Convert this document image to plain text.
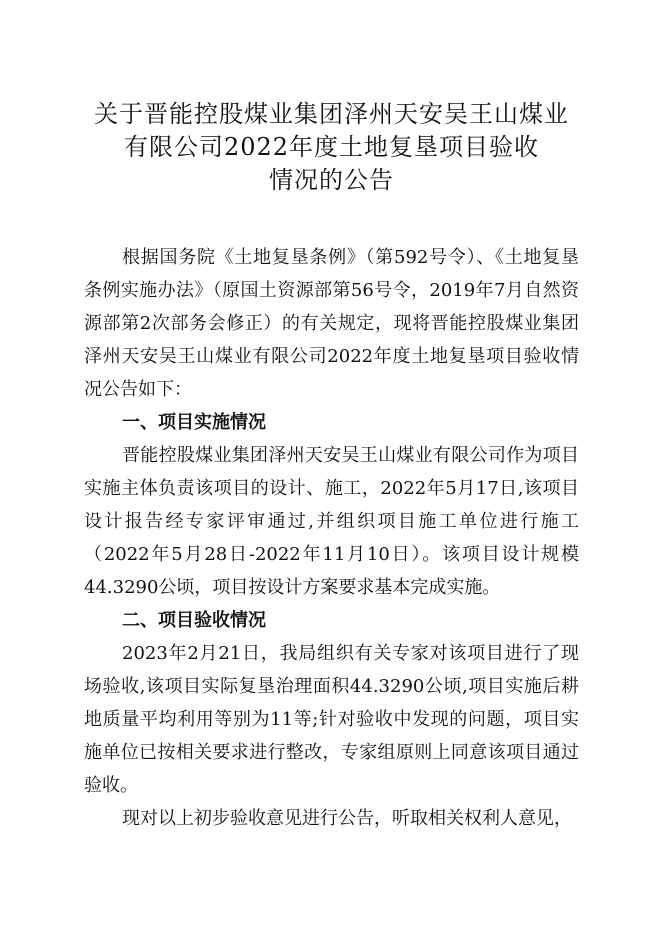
关于晋能控股煤业集团泽州天安吴王山煤业
有限公司2022年度土地复垦项目验收
情况的公告

根据国务院《土地复垦条例》（第592号令）、《土地复垦条例实施办法》（原国土资源部第56号令，2019年7月自然资源部第2次部务会修正）的有关规定，现将晋能控股煤业集团泽州天安吴王山煤业有限公司2022年度土地复垦项目验收情况公告如下：

一、项目实施情况

晋能控股煤业集团泽州天安吴王山煤业有限公司作为项目实施主体负责该项目的设计、施工，2022年5月17日,该项目设计报告经专家评审通过,并组织项目施工单位进行施工（2022年5月28日-2022年11月10日）。该项目设计规模44.3290公顷，项目按设计方案要求基本完成实施。

二、项目验收情况

2023年2月21日，我局组织有关专家对该项目进行了现场验收,该项目实际复垦治理面积44.3290公顷,项目实施后耕地质量平均利用等别为11等;针对验收中发现的问题，项目实施单位已按相关要求进行整改，专家组原则上同意该项目通过验收。

现对以上初步验收意见进行公告，听取相关权利人意见，
